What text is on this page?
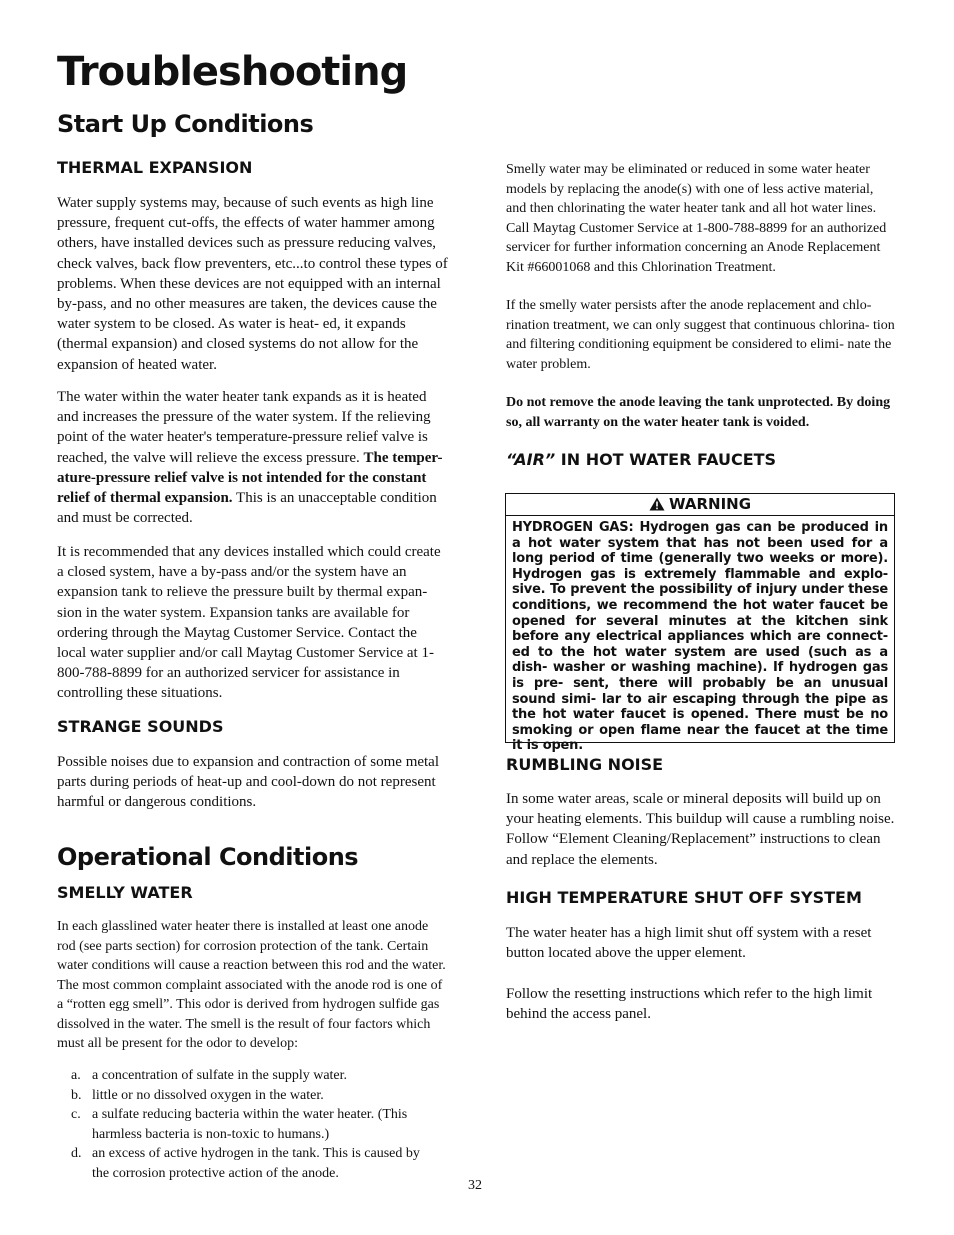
Troubleshooting
Start Up Conditions
THERMAL EXPANSION

Water supply systems may, because of such events as high line pressure, frequent cut-offs, the effects of water hammer among others, have installed devices such as pressure reducing valves, check valves, back flow preventers, etc...to control these types of problems. When these devices are not equipped with an internal by-pass, and no other measures are taken, the devices cause the water system to be closed. As water is heat- ed, it expands (thermal expansion) and closed systems do not allow for the expansion of heated water.

The water within the water heater tank expands as it is heated and increases the pressure of the water system. If the relieving point of the water heater's temperature-pressure relief valve is reached, the valve will relieve the excess pressure. The temper- ature-pressure relief valve is not intended for the constant relief of thermal expansion. This is an unacceptable condition and must be corrected.

It is recommended that any devices installed which could create a closed system, have a by-pass and/or the system have an expansion tank to relieve the pressure built by thermal expan- sion in the water system. Expansion tanks are available for ordering through the Maytag Customer Service. Contact the local water supplier and/or call Maytag Customer Service at 1-800-788-8899 for an authorized servicer for assistance in controlling these situations.

STRANGE SOUNDS

Possible noises due to expansion and contraction of some metal parts during periods of heat-up and cool-down do not represent harmful or dangerous conditions.

Operational Conditions
SMELLY WATER

In each glasslined water heater there is installed at least one anode rod (see parts section) for corrosion protection of the tank. Certain water conditions will cause a reaction between this rod and the water. The most common complaint associated with the anode rod is one of a “rotten egg smell”. This odor is derived from hydrogen sulfide gas dissolved in the water. The smell is the result of four factors which must all be present for the odor to develop:

a. a concentration of sulfate in the supply water.
b. little or no dissolved oxygen in the water.
c. a sulfate reducing bacteria within the water heater. (This harmless bacteria is non-toxic to humans.)
d. an excess of active hydrogen in the tank. This is caused by the corrosion protective action of the anode.

Smelly water may be eliminated or reduced in some water heater models by replacing the anode(s) with one of less active material, and then chlorinating the water heater tank and all hot water lines. Call Maytag Customer Service at 1-800-788-8899 for an authorized servicer for further information concerning an Anode Replacement Kit #66001068 and this Chlorination Treatment.

If the smelly water persists after the anode replacement and chlo- rination treatment, we can only suggest that continuous chlorina- tion and filtering conditioning equipment be considered to elimi- nate the water problem.

Do not remove the anode leaving the tank unprotected. By doing so, all warranty on the water heater tank is voided.

“AIR” IN HOT WATER FAUCETS
WARNING
HYDROGEN GAS: Hydrogen gas can be produced in a hot water system that has not been used for a long period of time (generally two weeks or more). Hydrogen gas is extremely flammable and explo- sive. To prevent the possibility of injury under these conditions, we recommend the hot water faucet be opened for several minutes at the kitchen sink before any electrical appliances which are connect- ed to the hot water system are used (such as a dish- washer or washing machine). If hydrogen gas is pre- sent, there will probably be an unusual sound simi- lar to air escaping through the pipe as the hot water faucet is opened. There must be no smoking or open flame near the faucet at the time it is open.
RUMBLING NOISE

In some water areas, scale or mineral deposits will build up on your heating elements. This buildup will cause a rumbling noise. Follow “Element Cleaning/Replacement” instructions to clean and replace the elements.

HIGH TEMPERATURE SHUT OFF SYSTEM

The water heater has a high limit shut off system with a reset button located above the upper element.

Follow the resetting instructions which refer to the high limit behind the access panel.

32
